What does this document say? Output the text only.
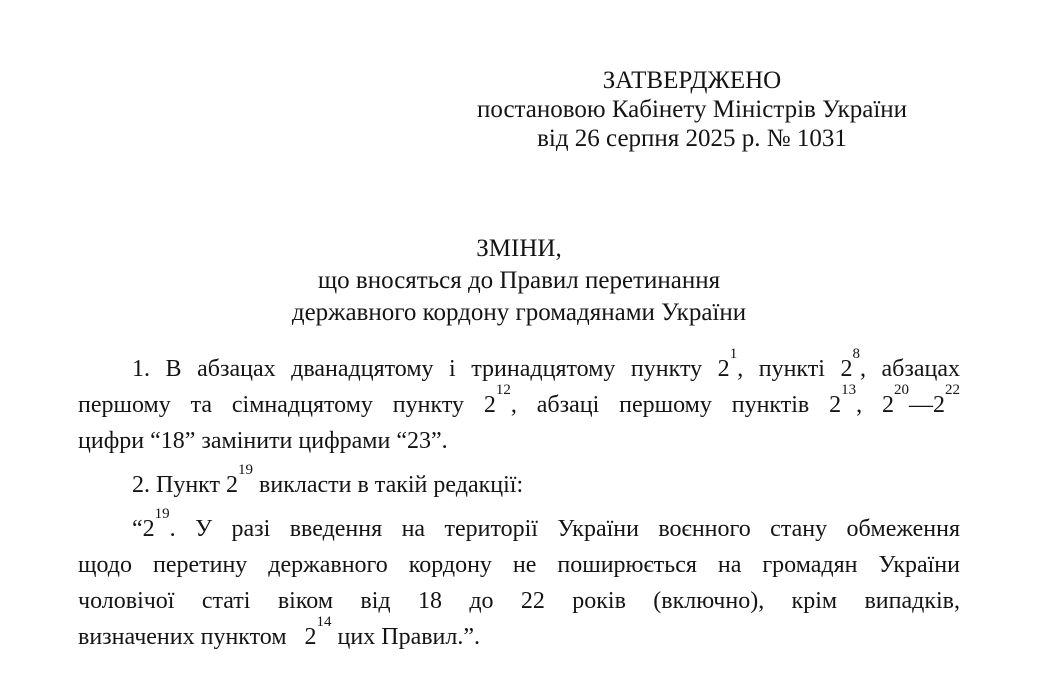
ЗАТВЕРДЖЕНО
постановою Кабінету Міністрів України
від 26 серпня 2025 р. № 1031
ЗМІНИ,
що вносяться до Правил перетинання
державного кордону громадянами України
1. В абзацах дванадцятому і тринадцятому пункту $2^1$, пункті $2^8$, абзацах
першому та сімнадцятому пункту $2^{12}$, абзаці першому пунктів $2^{13}$, $2^{20}—2^{22}$
цифри “18” замінити цифрами “23”.
2. Пункт $2^{19}$ викласти в такій редакції:
“$2^{19}$. У разі введення на території України воєнного стану обмеження
щодо перетину державного кордону не поширюється на громадян України
чоловічої статі віком від 18 до 22 років (включно), крім випадків,
визначених пунктом  $2^{14}$ цих Правил.”.
